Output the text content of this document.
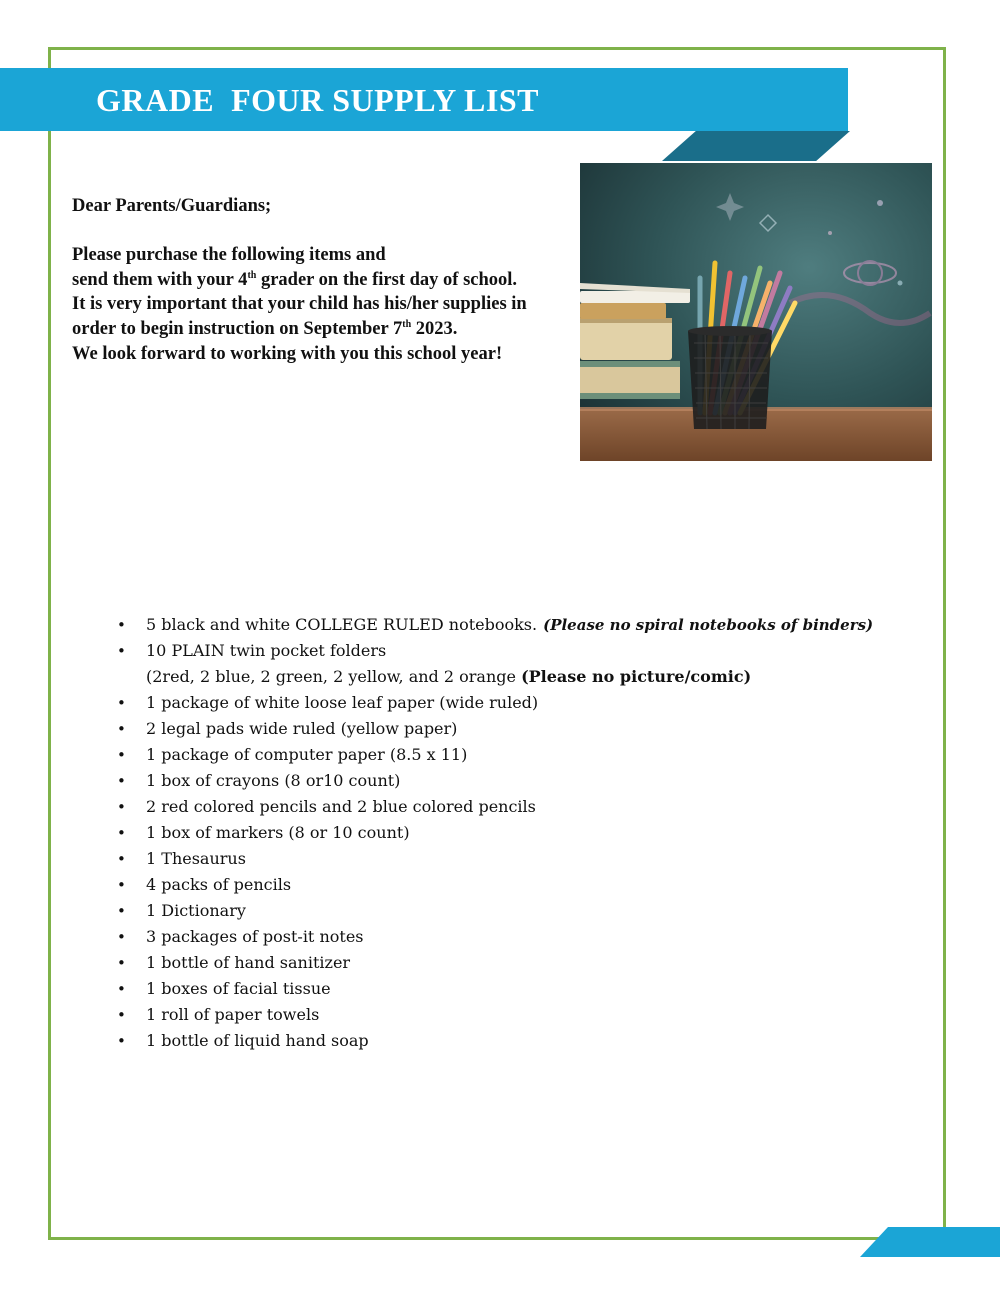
GRADE  FOUR SUPPLY LIST

Dear Parents/Guardians;

Please purchase the following items and

send them with your 4th grader on the first day of school.

It is very important that your child has his/her supplies in

order to begin instruction on September 7th 2023.

We look forward to working with you this school year!

• 5 black and white COLLEGE RULED notebooks. (Please no spiral notebooks of binders)
• 10 PLAIN twin pocket folders
(2red, 2 blue, 2 green, 2 yellow, and 2 orange (Please no picture/comic)
• 1 package of white loose leaf paper (wide ruled)
• 2 legal pads wide ruled (yellow paper)
• 1 package of computer paper (8.5 x 11)
• 1 box of crayons (8 or10 count)
• 2 red colored pencils and 2 blue colored pencils
• 1 box of markers (8 or 10 count)
• 1 Thesaurus
• 4 packs of pencils
• 1 Dictionary
• 3 packages of post-it notes
• 1 bottle of hand sanitizer
• 1 boxes of facial tissue
• 1 roll of paper towels
• 1 bottle of liquid hand soap
